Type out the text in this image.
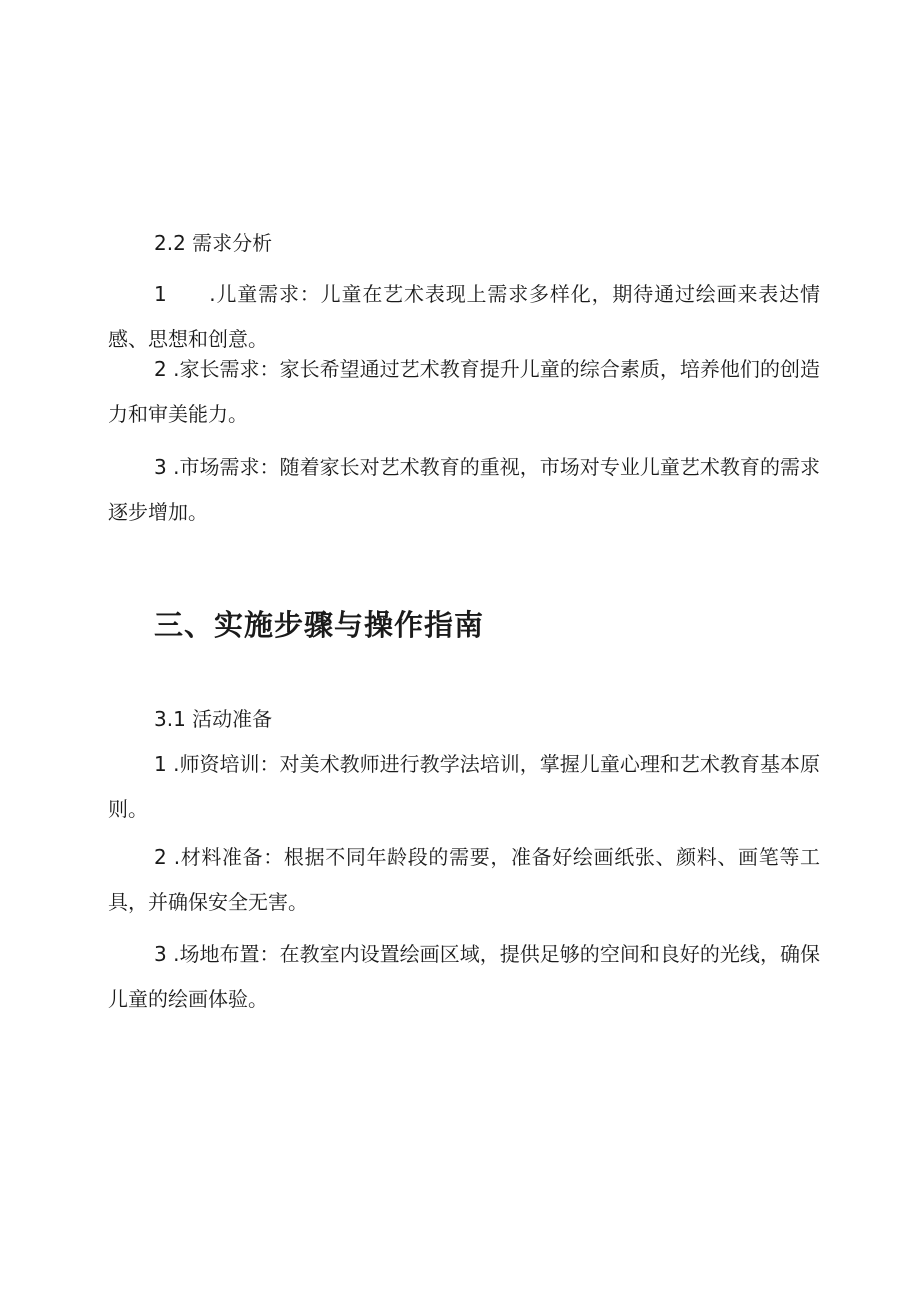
2.2 需求分析

1　　.儿童需求：儿童在艺术表现上需求多样化，期待通过绘画来表达情感、思想和创意。

2 .家长需求：家长希望通过艺术教育提升儿童的综合素质，培养他们的创造力和审美能力。

3 .市场需求：随着家长对艺术教育的重视，市场对专业儿童艺术教育的需求逐步增加。

三、实施步骤与操作指南
3.1 活动准备

1 .师资培训：对美术教师进行教学法培训，掌握儿童心理和艺术教育基本原则。

2 .材料准备：根据不同年龄段的需要，准备好绘画纸张、颜料、画笔等工具，并确保安全无害。

3 .场地布置：在教室内设置绘画区域，提供足够的空间和良好的光线，确保儿童的绘画体验。
